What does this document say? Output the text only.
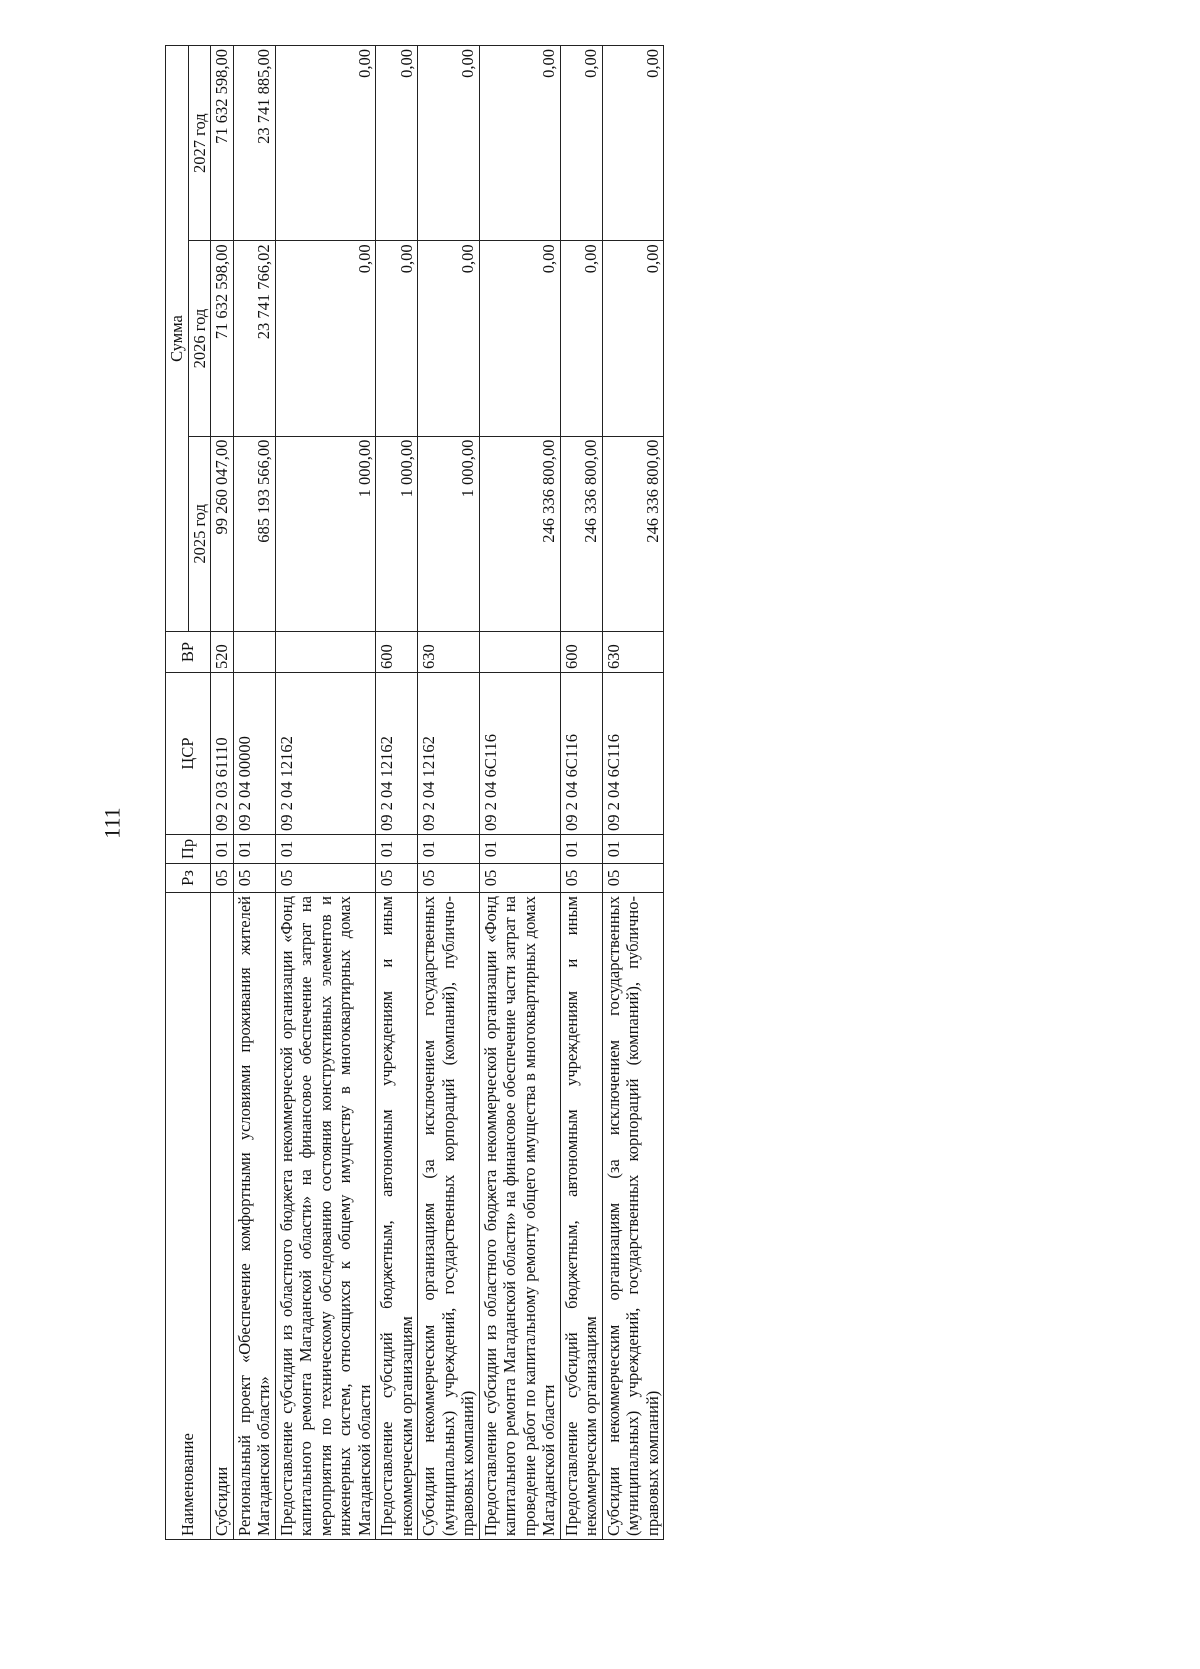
111
Наименование	Рз	Пр	ЦСР	ВР	Сумма		
					2025 год	2026 год	2027 год
Субсидии	05	01	09 2 03 61110	520	99 260 047,00	71 632 598,00	71 632 598,00
Региональный проект «Обеспечение комфортными условиями проживания жителей Магаданской области»	05	01	09 2 04 00000		685 193 566,00	23 741 766,02	23 741 885,00
Предоставление субсидии из областного бюджета некоммерческой организации «Фонд капитального ремонта Магаданской области» на финансовое обеспечение затрат на мероприятия по техническому обследованию состояния конструктивных элементов и инженерных систем, относящихся к общему имуществу в многоквартирных домах Магаданской области	05	01	09 2 04 12162		1 000,00	0,00	0,00
Предоставление субсидий бюджетным, автономным учреждениям и иным некоммерческим организациям	05	01	09 2 04 12162	600	1 000,00	0,00	0,00
Субсидии некоммерческим организациям (за исключением государственных (муниципальных) учреждений, государственных корпораций (компаний), публично-правовых компаний)	05	01	09 2 04 12162	630	1 000,00	0,00	0,00
Предоставление субсидии из областного бюджета некоммерческой организации «Фонд капитального ремонта Магаданской области» на финансовое обеспечение части затрат на проведение работ по капитальному ремонту общего имущества в многоквартирных домах Магаданской области	05	01	09 2 04 6С116		246 336 800,00	0,00	0,00
Предоставление субсидий бюджетным, автономным учреждениям и иным некоммерческим организациям	05	01	09 2 04 6С116	600	246 336 800,00	0,00	0,00
Субсидии некоммерческим организациям (за исключением государственных (муниципальных) учреждений, государственных корпораций (компаний), публично-правовых компаний)	05	01	09 2 04 6С116	630	246 336 800,00	0,00	0,00
